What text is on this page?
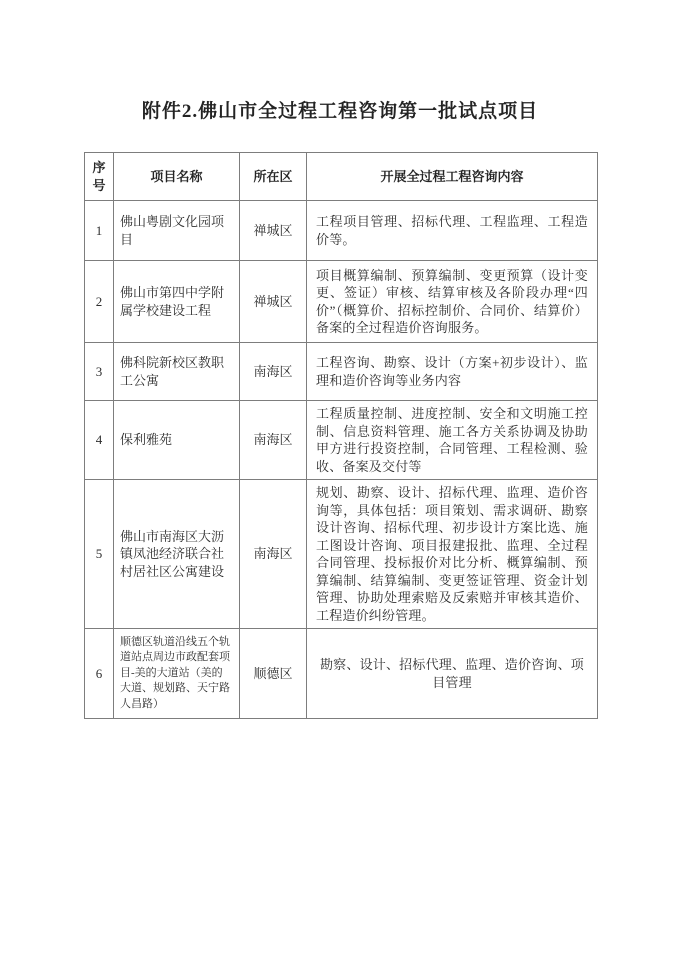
附件2.佛山市全过程工程咨询第一批试点项目
序号	项目名称	所在区	开展全过程工程咨询内容
1	佛山粤剧文化园项目	禅城区	工程项目管理、招标代理、工程监理、工程造价等。
2	佛山市第四中学附属学校建设工程	禅城区	项目概算编制、预算编制、变更预算（设计变更、签证）审核、结算审核及各阶段办理“四价”（概算价、招标控制价、合同价、结算价）备案的全过程造价咨询服务。
3	佛科院新校区教职工公寓	南海区	工程咨询、勘察、设计（方案+初步设计）、监理和造价咨询等业务内容
4	保利雅苑	南海区	工程质量控制、进度控制、安全和文明施工控制、信息资料管理、施工各方关系协调及协助甲方进行投资控制，合同管理、工程检测、验收、备案及交付等
5	佛山市南海区大沥镇凤池经济联合社村居社区公寓建设	南海区	规划、勘察、设计、招标代理、监理、造价咨询等，具体包括：项目策划、需求调研、勘察设计咨询、招标代理、初步设计方案比选、施工图设计咨询、项目报建报批、监理、全过程合同管理、投标报价对比分析、概算编制、预算编制、结算编制、变更签证管理、资金计划管理、协助处理索赔及反索赔并审核其造价、工程造价纠纷管理。
6	顺德区轨道沿线五个轨道站点周边市政配套项目-美的大道站（美的大道、规划路、天宁路人昌路）	顺德区	勘察、设计、招标代理、监理、造价咨询、项目管理
